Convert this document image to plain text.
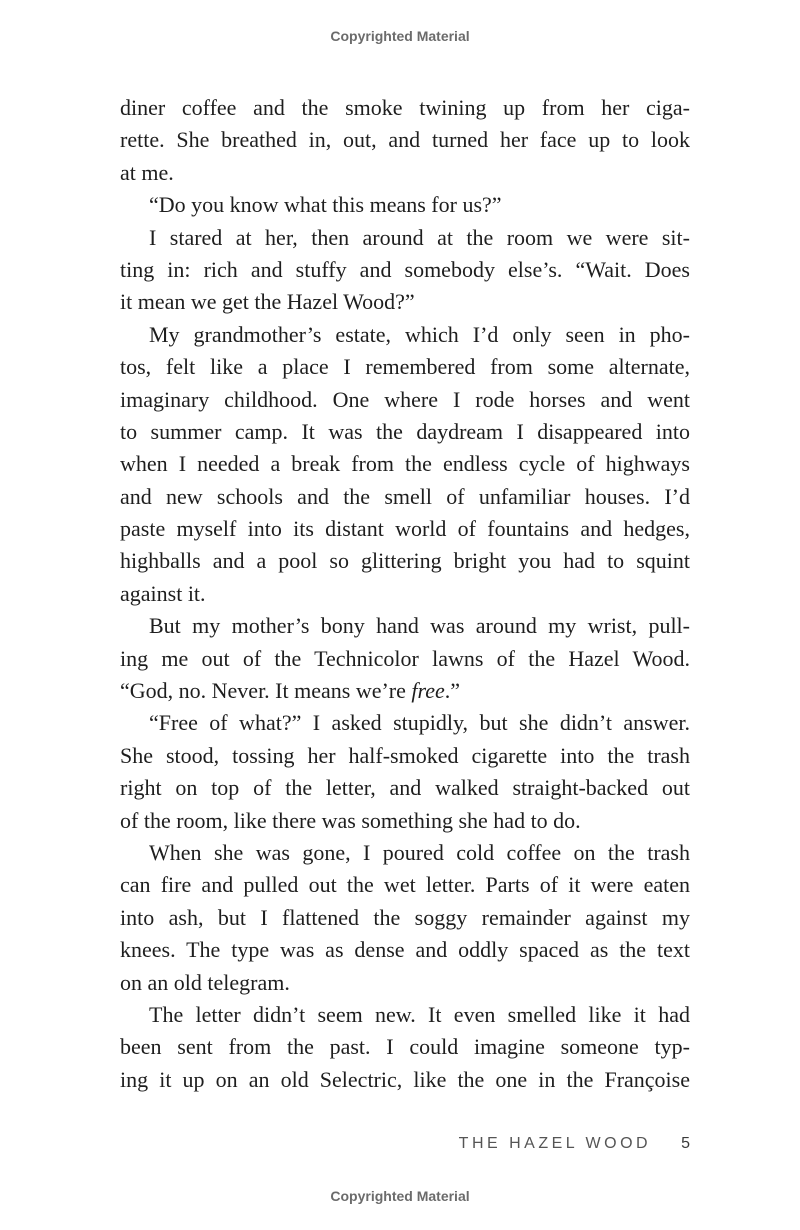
Copyrighted Material
diner coffee and the smoke twining up from her ciga-
rette. She breathed in, out, and turned her face up to look
at me.
“Do you know what this means for us?”
I stared at her, then around at the room we were sit-
ting in: rich and stuffy and somebody else’s. “Wait. Does
it mean we get the Hazel Wood?”
My grandmother’s estate, which I’d only seen in pho-
tos, felt like a place I remembered from some alternate,
imaginary childhood. One where I rode horses and went
to summer camp. It was the daydream I disappeared into
when I needed a break from the endless cycle of highways
and new schools and the smell of unfamiliar houses. I’d
paste myself into its distant world of fountains and hedges,
highballs and a pool so glittering bright you had to squint
against it.
But my mother’s bony hand was around my wrist, pull-
ing me out of the Technicolor lawns of the Hazel Wood.
“God, no. Never. It means we’re free.”
“Free of what?” I asked stupidly, but she didn’t answer.
She stood, tossing her half-smoked cigarette into the trash
right on top of the letter, and walked straight-backed out
of the room, like there was something she had to do.
When she was gone, I poured cold coffee on the trash
can fire and pulled out the wet letter. Parts of it were eaten
into ash, but I flattened the soggy remainder against my
knees. The type was as dense and oddly spaced as the text
on an old telegram.
The letter didn’t seem new. It even smelled like it had
been sent from the past. I could imagine someone typ-
ing it up on an old Selectric, like the one in the Françoise
THE HAZEL WOOD 5
Copyrighted Material
